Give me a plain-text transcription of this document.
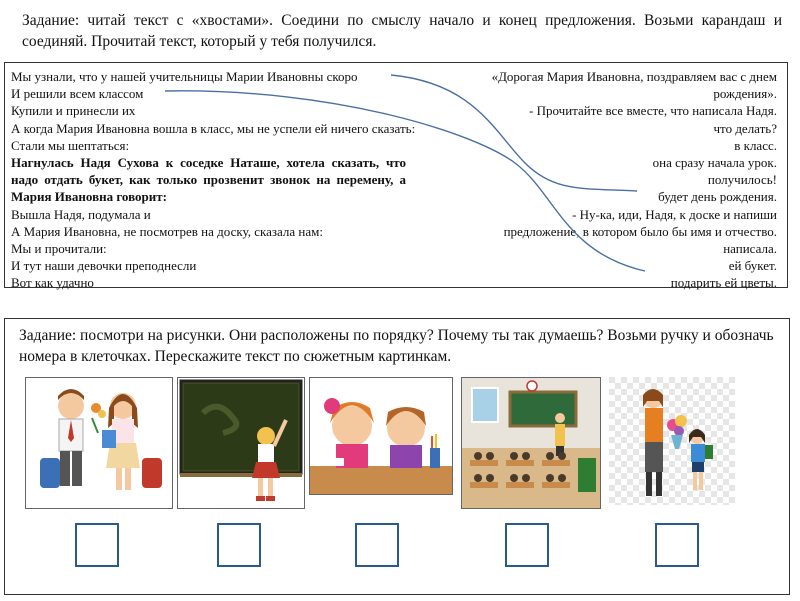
Задание: читай текст с «хвостами». Соедини по смыслу начало и конец предложения. Возьми карандаш и соединяй. Прочитай текст, который у тебя получился.
Мы узнали, что у нашей учительницы Марии Ивановны скоро
И решили всем классом
Купили и принесли их
А когда Мария Ивановна вошла в класс, мы не успели ей ничего сказать:
Стали мы шептаться:
Нагнулась Надя Сухова к соседке Наташе, хотела сказать, что надо отдать букет, как только прозвенит звонок на перемену, а Мария Ивановна говорит:
Вышла Надя, подумала и
А Мария Ивановна, не посмотрев на доску, сказала нам:
Мы и прочитали:
И тут наши девочки преподнесли
Вот как удачно
«Дорогая Мария Ивановна, поздравляем вас с днем
рождения».
- Прочитайте все вместе, что написала Надя.
что делать?
в класс.
она сразу начала урок.
получилось!
будет день рождения.
- Ну-ка, иди, Надя, к доске и напиши
предложение, в котором было бы имя и отчество.
написала.
ей букет.
подарить ей цветы.
Задание: посмотри на рисунки. Они расположены по порядку? Почему ты так думаешь? Возьми ручку и обозначь номера в клеточках. Перескажите текст по сюжетным картинкам.
